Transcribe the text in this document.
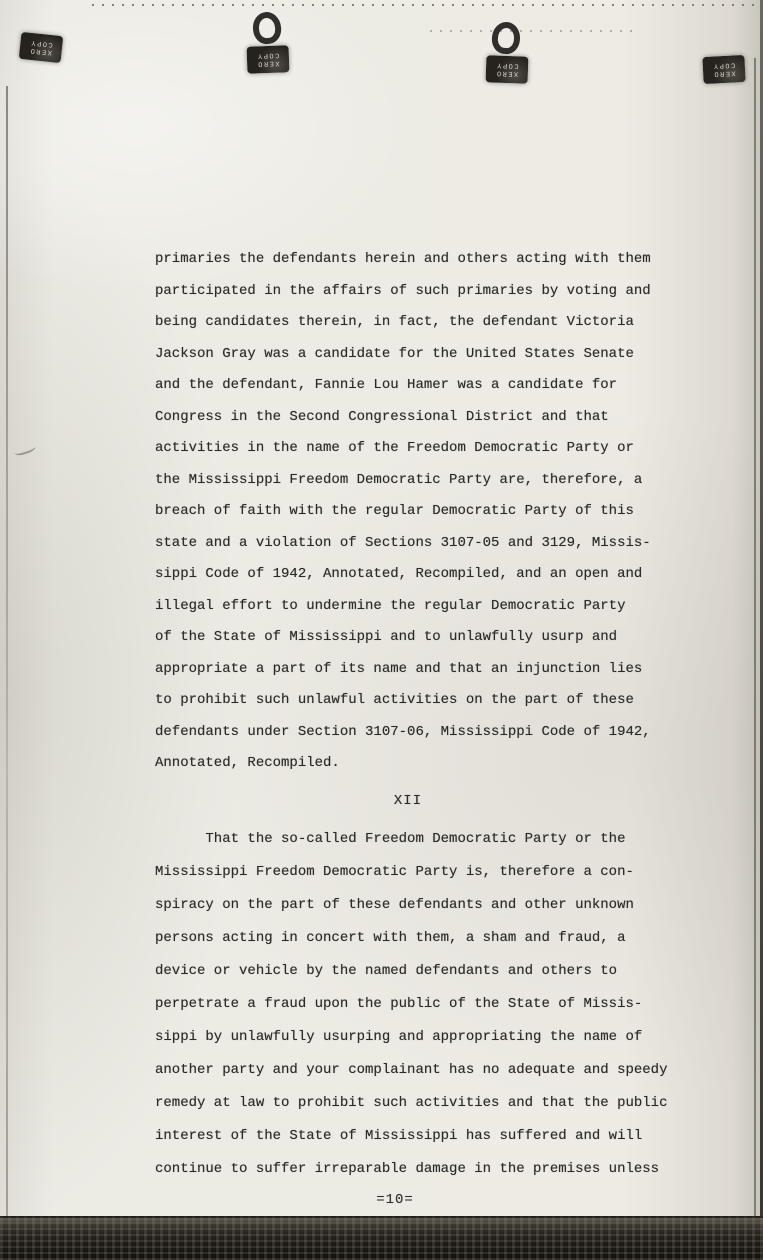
XERO
COPY
XERO
COPY
XERO
COPY
XERO
COPY
primaries the defendants herein and others acting with them
participated in the affairs of such primaries by voting and
being candidates therein, in fact, the defendant Victoria
Jackson Gray was a candidate for the United States Senate
and the defendant, Fannie Lou Hamer was a candidate for
Congress in the Second Congressional District and that
activities in the name of the Freedom Democratic Party or
the Mississippi Freedom Democratic Party are, therefore, a
breach of faith with the regular Democratic Party of this
state and a violation of Sections 3107-05 and 3129, Missis-
sippi Code of 1942, Annotated, Recompiled, and an open and
illegal effort to undermine the regular Democratic Party
of the State of Mississippi and to unlawfully usurp and
appropriate a part of its name and that an injunction lies
to prohibit such unlawful activities on the part of these
defendants under Section 3107-06, Mississippi Code of 1942,
Annotated, Recompiled.
XII
That the so-called Freedom Democratic Party or the
Mississippi Freedom Democratic Party is, therefore a con-
spiracy on the part of these defendants and other unknown
persons acting in concert with them, a sham and fraud, a
device or vehicle by the named defendants and others to
perpetrate a fraud upon the public of the State of Missis-
sippi by unlawfully usurping and appropriating the name of
another party and your complainant has no adequate and speedy
remedy at law to prohibit such activities and that the public
interest of the State of Mississippi has suffered and will
continue to suffer irreparable damage in the premises unless
=10=
